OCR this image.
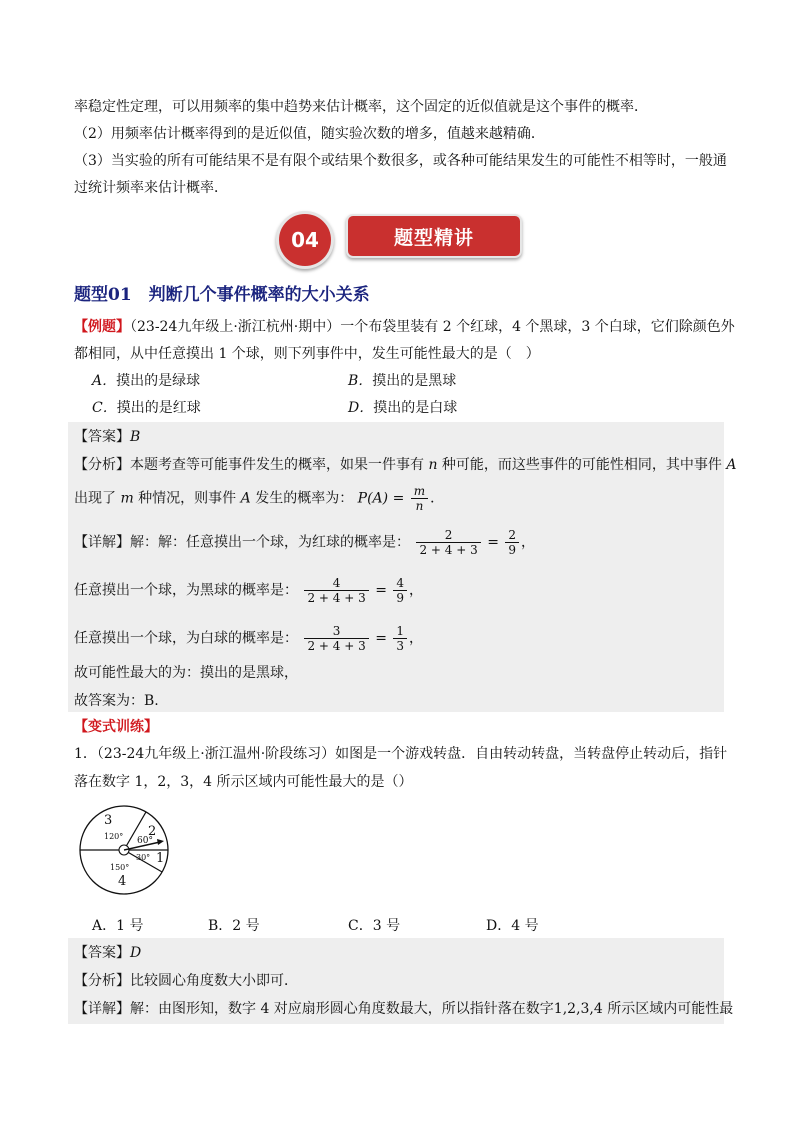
率稳定性定理，可以用频率的集中趋势来估计概率，这个固定的近似值就是这个事件的概率．
（2）用频率估计概率得到的是近似值，随实验次数的增多，值越来越精确．
（3）当实验的所有可能结果不是有限个或结果个数很多，或各种可能结果发生的可能性不相等时，一般通
过统计频率来估计概率．
04	题型精讲
题型01　判断几个事件概率的大小关系
【例题】（23-24九年级上·浙江杭州·期中）一个布袋里装有 2 个红球，4 个黑球，3 个白球，它们除颜色外
都相同，从中任意摸出 1 个球，则下列事件中，发生可能性最大的是（　）
A．摸出的是绿球	B．摸出的是黑球
C．摸出的是红球	D．摸出的是白球
【答案】B
【分析】本题考查等可能事件发生的概率，如果一件事有 n 种可能，而这些事件的可能性相同，其中事件 A
出现了 m 种情况，则事件 A 发生的概率为： $P(A) = \frac{m}{n}$ ．
【详解】解：解：任意摸出一个球，为红球的概率是： $\frac{2}{2 + 4 + 3} = \frac{2}{9}$ ，
任意摸出一个球，为黑球的概率是： $\frac{4}{2 + 4 + 3} = \frac{4}{9}$ ，
任意摸出一个球，为白球的概率是： $\frac{3}{2 + 4 + 3} = \frac{1}{3}$ ，
故可能性最大的为：摸出的是黑球，
故答案为：B.
【变式训练】
1．（23-24九年级上·浙江温州·阶段练习）如图是一个游戏转盘．自由转动转盘，当转盘停止转动后，指针
落在数字 1，2，3，4 所示区域内可能性最大的是（）
3
120° 60°
2
30° 1
150°
4
A．1 号	B．2 号	C．3 号	D．4 号
【答案】D
【分析】比较圆心角度数大小即可．
【详解】解：由图形知，数字 4 对应扇形圆心角度数最大，所以指针落在数字1,2,3,4 所示区域内可能性最
